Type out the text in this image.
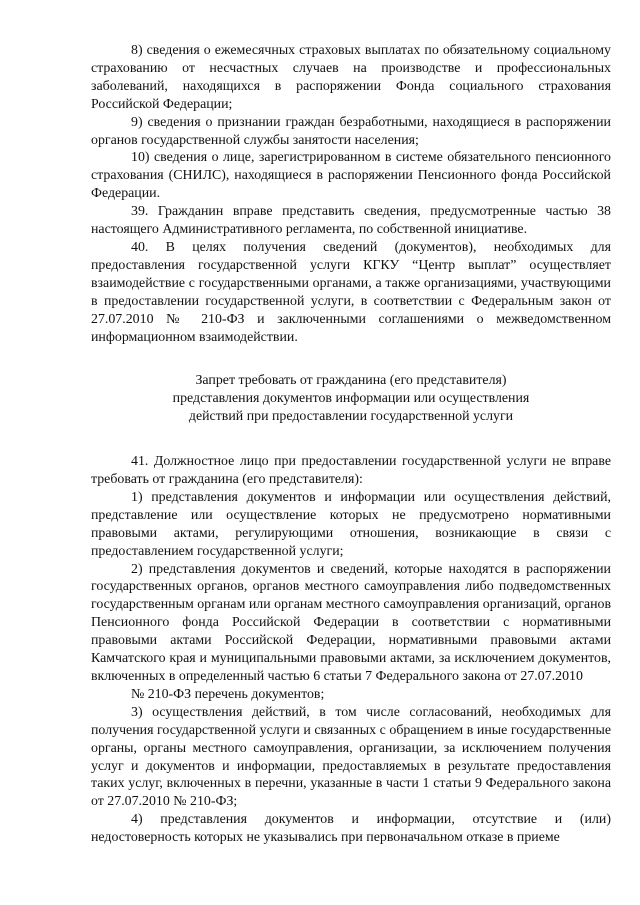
8) сведения о ежемесячных страховых выплатах по обязательному социальному страхованию от несчастных случаев на производстве и профессиональных заболеваний, находящихся в распоряжении Фонда социального страхования Российской Федерации;

9) сведения о признании граждан безработными, находящиеся в распоряжении органов государственной службы занятости населения;

10) сведения о лице, зарегистрированном в системе обязательного пенсионного страхования (СНИЛС), находящиеся в распоряжении Пенсионного фонда Российской Федерации.

39. Гражданин вправе представить сведения, предусмотренные частью 38 настоящего Административного регламента, по собственной инициативе.

40. В целях получения сведений (документов), необходимых для предоставления государственной услуги КГКУ “Центр выплат” осуществляет взаимодействие с государственными органами, а также организациями, участвующими в предоставлении государственной услуги, в соответствии с Федеральным закон от 27.07.2010 № 210-ФЗ и заключенными соглашениями о межведомственном информационном взаимодействии.

Запрет требовать от гражданина (его представителя)
представления документов информации или осуществления
действий при предоставлении государственной услуги

41. Должностное лицо при предоставлении государственной услуги не вправе требовать от гражданина (его представителя):

1) представления документов и информации или осуществления действий, представление или осуществление которых не предусмотрено нормативными правовыми актами, регулирующими отношения, возникающие в связи с предоставлением государственной услуги;

2) представления документов и сведений, которые находятся в распоряжении государственных органов, органов местного самоуправления либо подведомственных государственным органам или органам местного самоуправления организаций, органов Пенсионного фонда Российской Федерации в соответствии с нормативными правовыми актами Российской Федерации, нормативными правовыми актами Камчатского края и муниципальными правовыми актами, за исключением документов, включенных в определенный частью 6 статьи 7 Федерального закона от 27.07.2010

№ 210-ФЗ перечень документов;

3) осуществления действий, в том числе согласований, необходимых для получения государственной услуги и связанных с обращением в иные государственные органы, органы местного самоуправления, организации, за исключением получения услуг и документов и информации, предоставляемых в результате предоставления таких услуг, включенных в перечни, указанные в части 1 статьи 9 Федерального закона от 27.07.2010 № 210-ФЗ;

4) представления документов и информации, отсутствие и (или) недостоверность которых не указывались при первоначальном отказе в приеме
